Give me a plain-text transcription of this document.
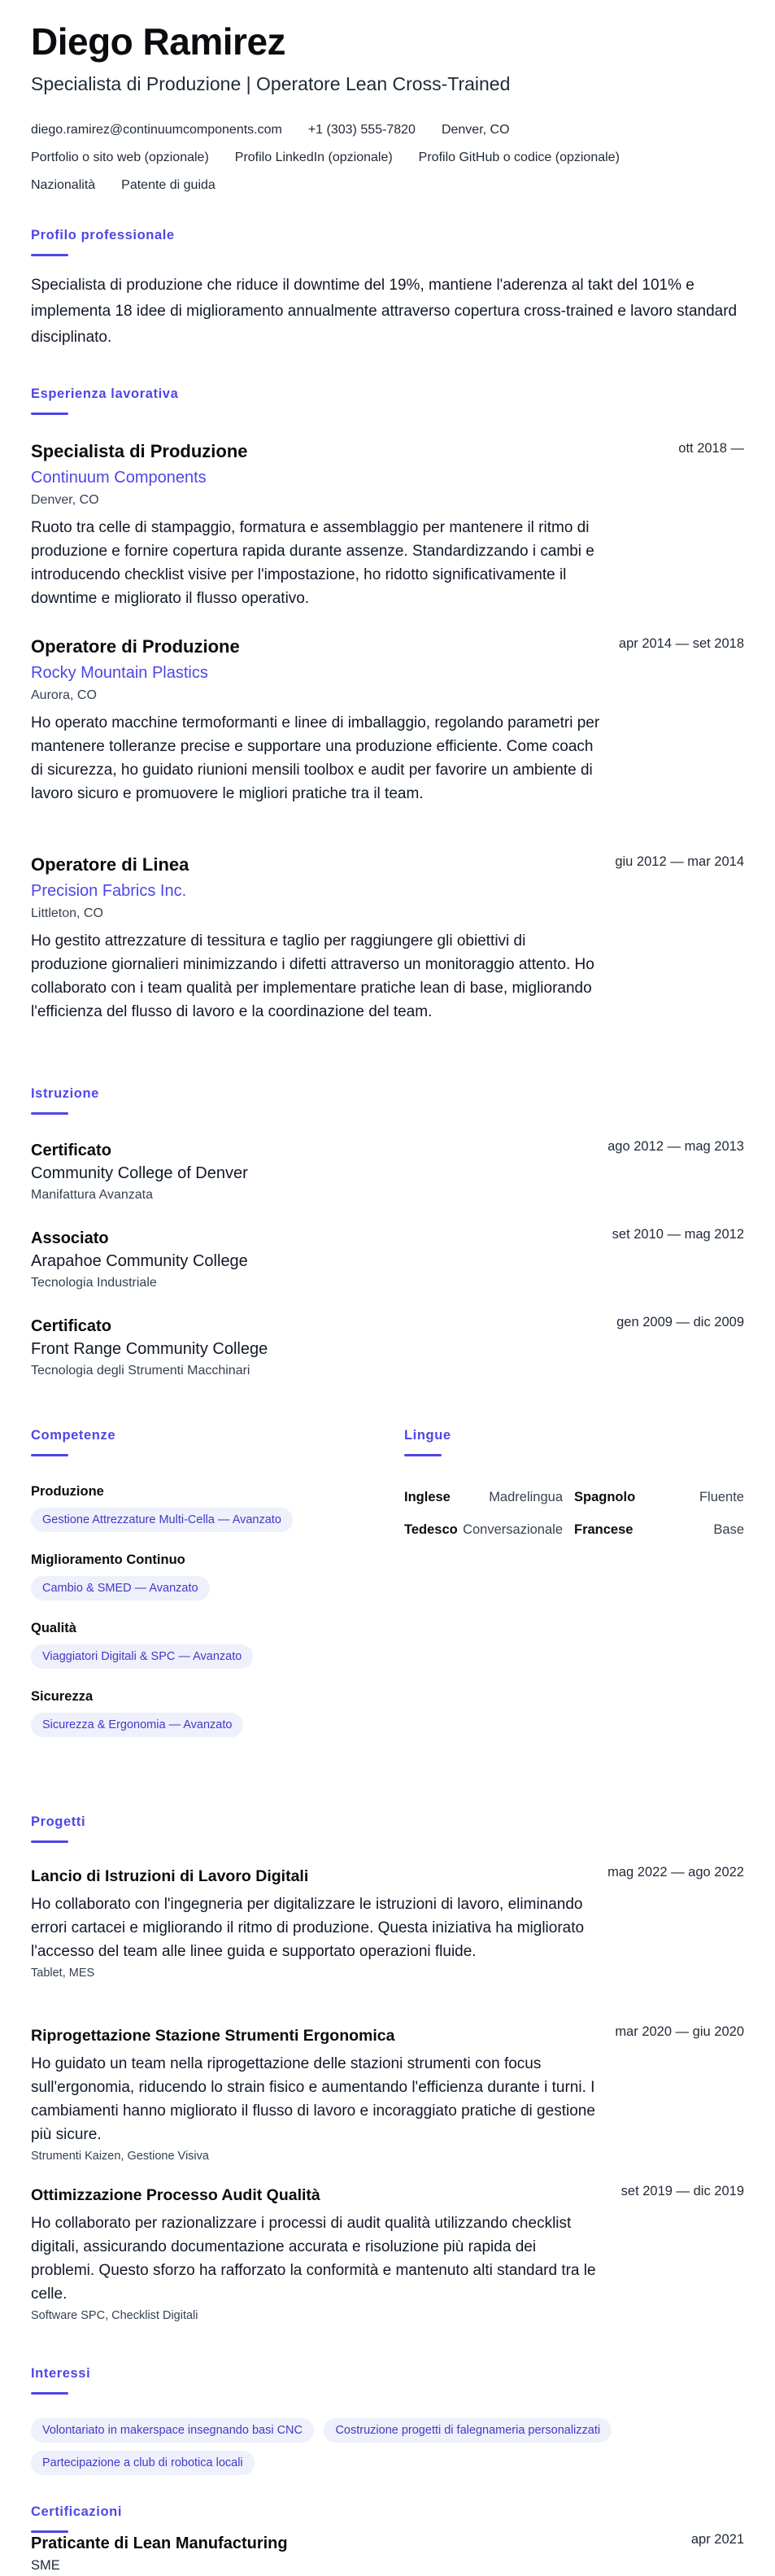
Diego Ramirez
Specialista di Produzione | Operatore Lean Cross-Trained
diego.ramirez@continuumcomponents.com +1 (303) 555-7820 Denver, CO
Portfolio o sito web (opzionale) Profilo LinkedIn (opzionale) Profilo GitHub o codice (opzionale)
Nazionalità Patente di guida
Profilo professionale
Specialista di produzione che riduce il downtime del 19%, mantiene l'aderenza al takt del 101% e implementa 18 idee di miglioramento annualmente attraverso copertura cross-trained e lavoro standard disciplinato.
Esperienza lavorativa
Specialista di Produzione	ott 2018 —
Continuum Components
Denver, CO
Ruoto tra celle di stampaggio, formatura e assemblaggio per mantenere il ritmo di produzione e fornire copertura rapida durante assenze. Standardizzando i cambi e introducendo checklist visive per l'impostazione, ho ridotto significativamente il downtime e migliorato il flusso operativo.
Operatore di Produzione	apr 2014 — set 2018
Rocky Mountain Plastics
Aurora, CO
Ho operato macchine termoformanti e linee di imballaggio, regolando parametri per mantenere tolleranze precise e supportare una produzione efficiente. Come coach di sicurezza, ho guidato riunioni mensili toolbox e audit per favorire un ambiente di lavoro sicuro e promuovere le migliori pratiche tra il team.
Operatore di Linea	giu 2012 — mar 2014
Precision Fabrics Inc.
Littleton, CO
Ho gestito attrezzature di tessitura e taglio per raggiungere gli obiettivi di produzione giornalieri minimizzando i difetti attraverso un monitoraggio attento. Ho collaborato con i team qualità per implementare pratiche lean di base, migliorando l'efficienza del flusso di lavoro e la coordinazione del team.
Istruzione
Certificato	ago 2012 — mag 2013
Community College of Denver
Manifattura Avanzata
Associato	set 2010 — mag 2012
Arapahoe Community College
Tecnologia Industriale
Certificato	gen 2009 — dic 2009
Front Range Community College
Tecnologia degli Strumenti Macchinari
Competenze	Lingue
Produzione
Gestione Attrezzature Multi-Cella — Avanzato
Miglioramento Continuo
Cambio & SMED — Avanzato
Qualità
Viaggiatori Digitali & SPC — Avanzato
Sicurezza
Sicurezza & Ergonomia — Avanzato
Inglese	Madrelingua Spagnolo	Fluente
Tedesco Conversazionale Francese	Base
Progetti
Lancio di Istruzioni di Lavoro Digitali	mag 2022 — ago 2022
Ho collaborato con l'ingegneria per digitalizzare le istruzioni di lavoro, eliminando errori cartacei e migliorando il ritmo di produzione. Questa iniziativa ha migliorato l'accesso del team alle linee guida e supportato operazioni fluide.
Tablet, MES
Riprogettazione Stazione Strumenti Ergonomica	mar 2020 — giu 2020
Ho guidato un team nella riprogettazione delle stazioni strumenti con focus sull'ergonomia, riducendo lo strain fisico e aumentando l'efficienza durante i turni. I cambiamenti hanno migliorato il flusso di lavoro e incoraggiato pratiche di gestione più sicure.
Strumenti Kaizen, Gestione Visiva
Ottimizzazione Processo Audit Qualità	set 2019 — dic 2019
Ho collaborato per razionalizzare i processi di audit qualità utilizzando checklist digitali, assicurando documentazione accurata e risoluzione più rapida dei problemi. Questo sforzo ha rafforzato la conformità e mantenuto alti standard tra le celle.
Software SPC, Checklist Digitali
Interessi
Volontariato in makerspace insegnando basi CNC	Costruzione progetti di falegnameria personalizzati Partecipazione a club di robotica locali
Certificazioni
Praticante di Lean Manufacturing	apr 2021
SME
